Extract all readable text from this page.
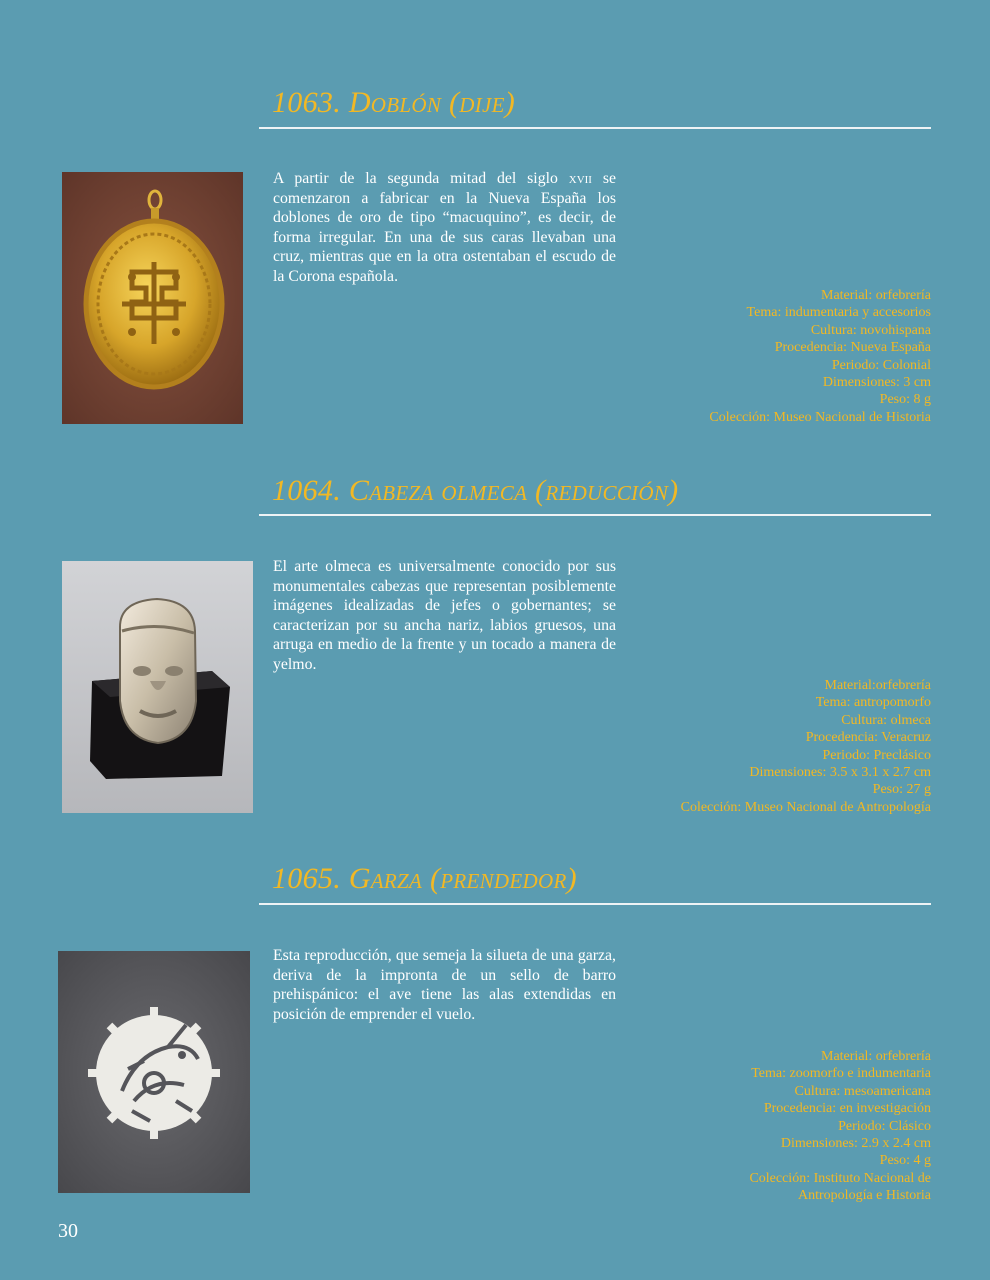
1063. Doblón (dije)

A partir de la segunda mitad del siglo xvii se comenzaron a fabricar en la Nueva España los doblones de oro de tipo “macuquino”, es decir, de forma irregular. En una de sus caras llevaban una cruz, mientras que en la otra ostentaban el escudo de la Corona española.

Material: orfebrería
Tema: indumentaria y accesorios
Cultura: novohispana
Procedencia: Nueva España
Periodo: Colonial
Dimensiones: 3 cm
Peso: 8 g
Colección: Museo Nacional de Historia
1064. Cabeza olmeca (reducción)

El arte olmeca es universalmente conocido por sus monumentales cabezas que representan posiblemente imágenes idealizadas de jefes o gobernantes; se caracterizan por su ancha nariz, labios gruesos, una arruga en medio de la frente y un tocado a manera de yelmo.

Material:orfebrería
Tema: antropomorfo
Cultura: olmeca
Procedencia: Veracruz
Periodo: Preclásico
Dimensiones: 3.5 x 3.1 x 2.7 cm
Peso: 27 g
Colección: Museo Nacional de Antropología
1065. Garza (prendedor)

Esta reproducción, que semeja la silueta de una garza, deriva de la impronta de un sello de barro prehispánico: el ave tiene las alas extendidas en posición de emprender el vuelo.

Material: orfebrería
Tema: zoomorfo e indumentaria
Cultura: mesoamericana
Procedencia: en investigación
Periodo: Clásico
Dimensiones: 2.9 x 2.4 cm
Peso: 4 g
Colección: Instituto Nacional de
Antropología e Historia
30
